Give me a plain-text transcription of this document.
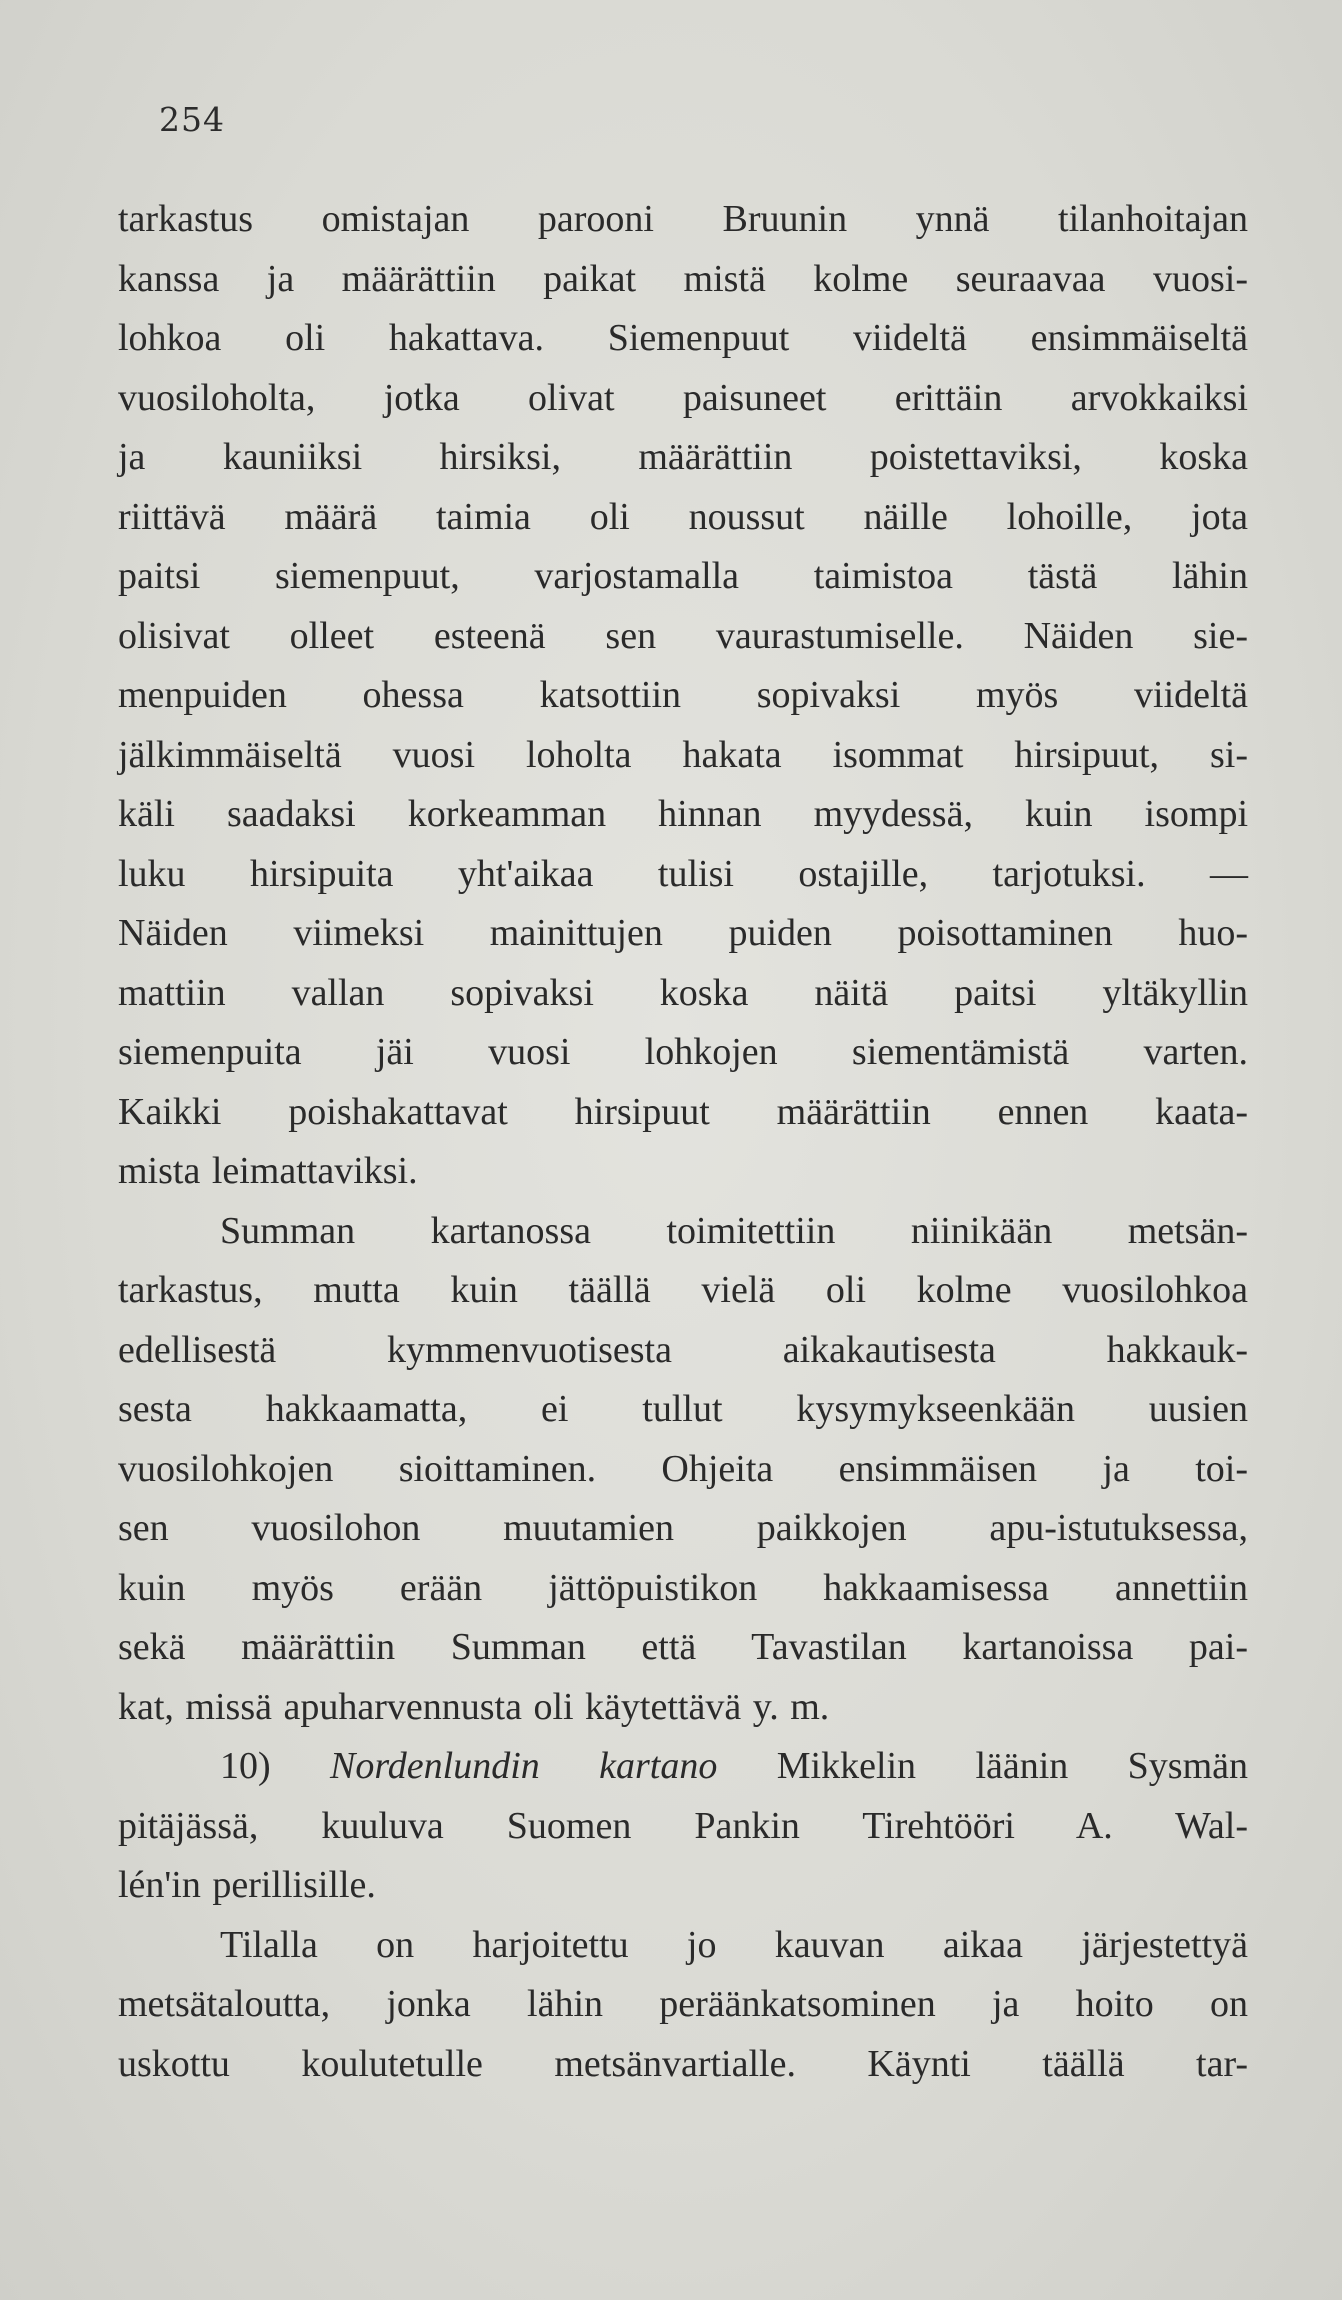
254
tarkastus omistajan parooni Bruunin ynnä tilanhoitajan
kanssa ja määrättiin paikat mistä kolme seuraavaa vuosi-
lohkoa oli hakattava. Siemenpuut viideltä ensimmäiseltä
vuosiloholta, jotka olivat paisuneet erittäin arvokkaiksi
ja kauniiksi hirsiksi, määrättiin poistettaviksi, koska
riittävä määrä taimia oli noussut näille lohoille, jota
paitsi siemenpuut, varjostamalla taimistoa tästä lähin
olisivat olleet esteenä sen vaurastumiselle. Näiden sie-
menpuiden ohessa katsottiin sopivaksi myös viideltä
jälkimmäiseltä vuosi loholta hakata isommat hirsipuut, si-
käli saadaksi korkeamman hinnan myydessä, kuin isompi
luku hirsipuita yht'aikaa tulisi ostajille, tarjotuksi. —
Näiden viimeksi mainittujen puiden poisottaminen huo-
mattiin vallan sopivaksi koska näitä paitsi yltäkyllin
siemenpuita jäi vuosi lohkojen siementämistä varten.
Kaikki poishakattavat hirsipuut määrättiin ennen kaata-
mista leimattaviksi.
Summan kartanossa toimitettiin niinikään metsän-
tarkastus, mutta kuin täällä vielä oli kolme vuosilohkoa
edellisestä kymmenvuotisesta aikakautisesta hakkauk-
sesta hakkaamatta, ei tullut kysymykseenkään uusien
vuosilohkojen sioittaminen. Ohjeita ensimmäisen ja toi-
sen vuosilohon muutamien paikkojen apu-istutuksessa,
kuin myös erään jättöpuistikon hakkaamisessa annettiin
sekä määrättiin Summan että Tavastilan kartanoissa pai-
kat, missä apuharvennusta oli käytettävä y. m.
10) Nordenlundin kartano Mikkelin läänin Sysmän
pitäjässä, kuuluva Suomen Pankin Tirehtööri A. Wal-
lén'in perillisille.
Tilalla on harjoitettu jo kauvan aikaa järjestettyä
metsätaloutta, jonka lähin peräänkatsominen ja hoito on
uskottu koulutetulle metsänvartialle. Käynti täällä tar-
